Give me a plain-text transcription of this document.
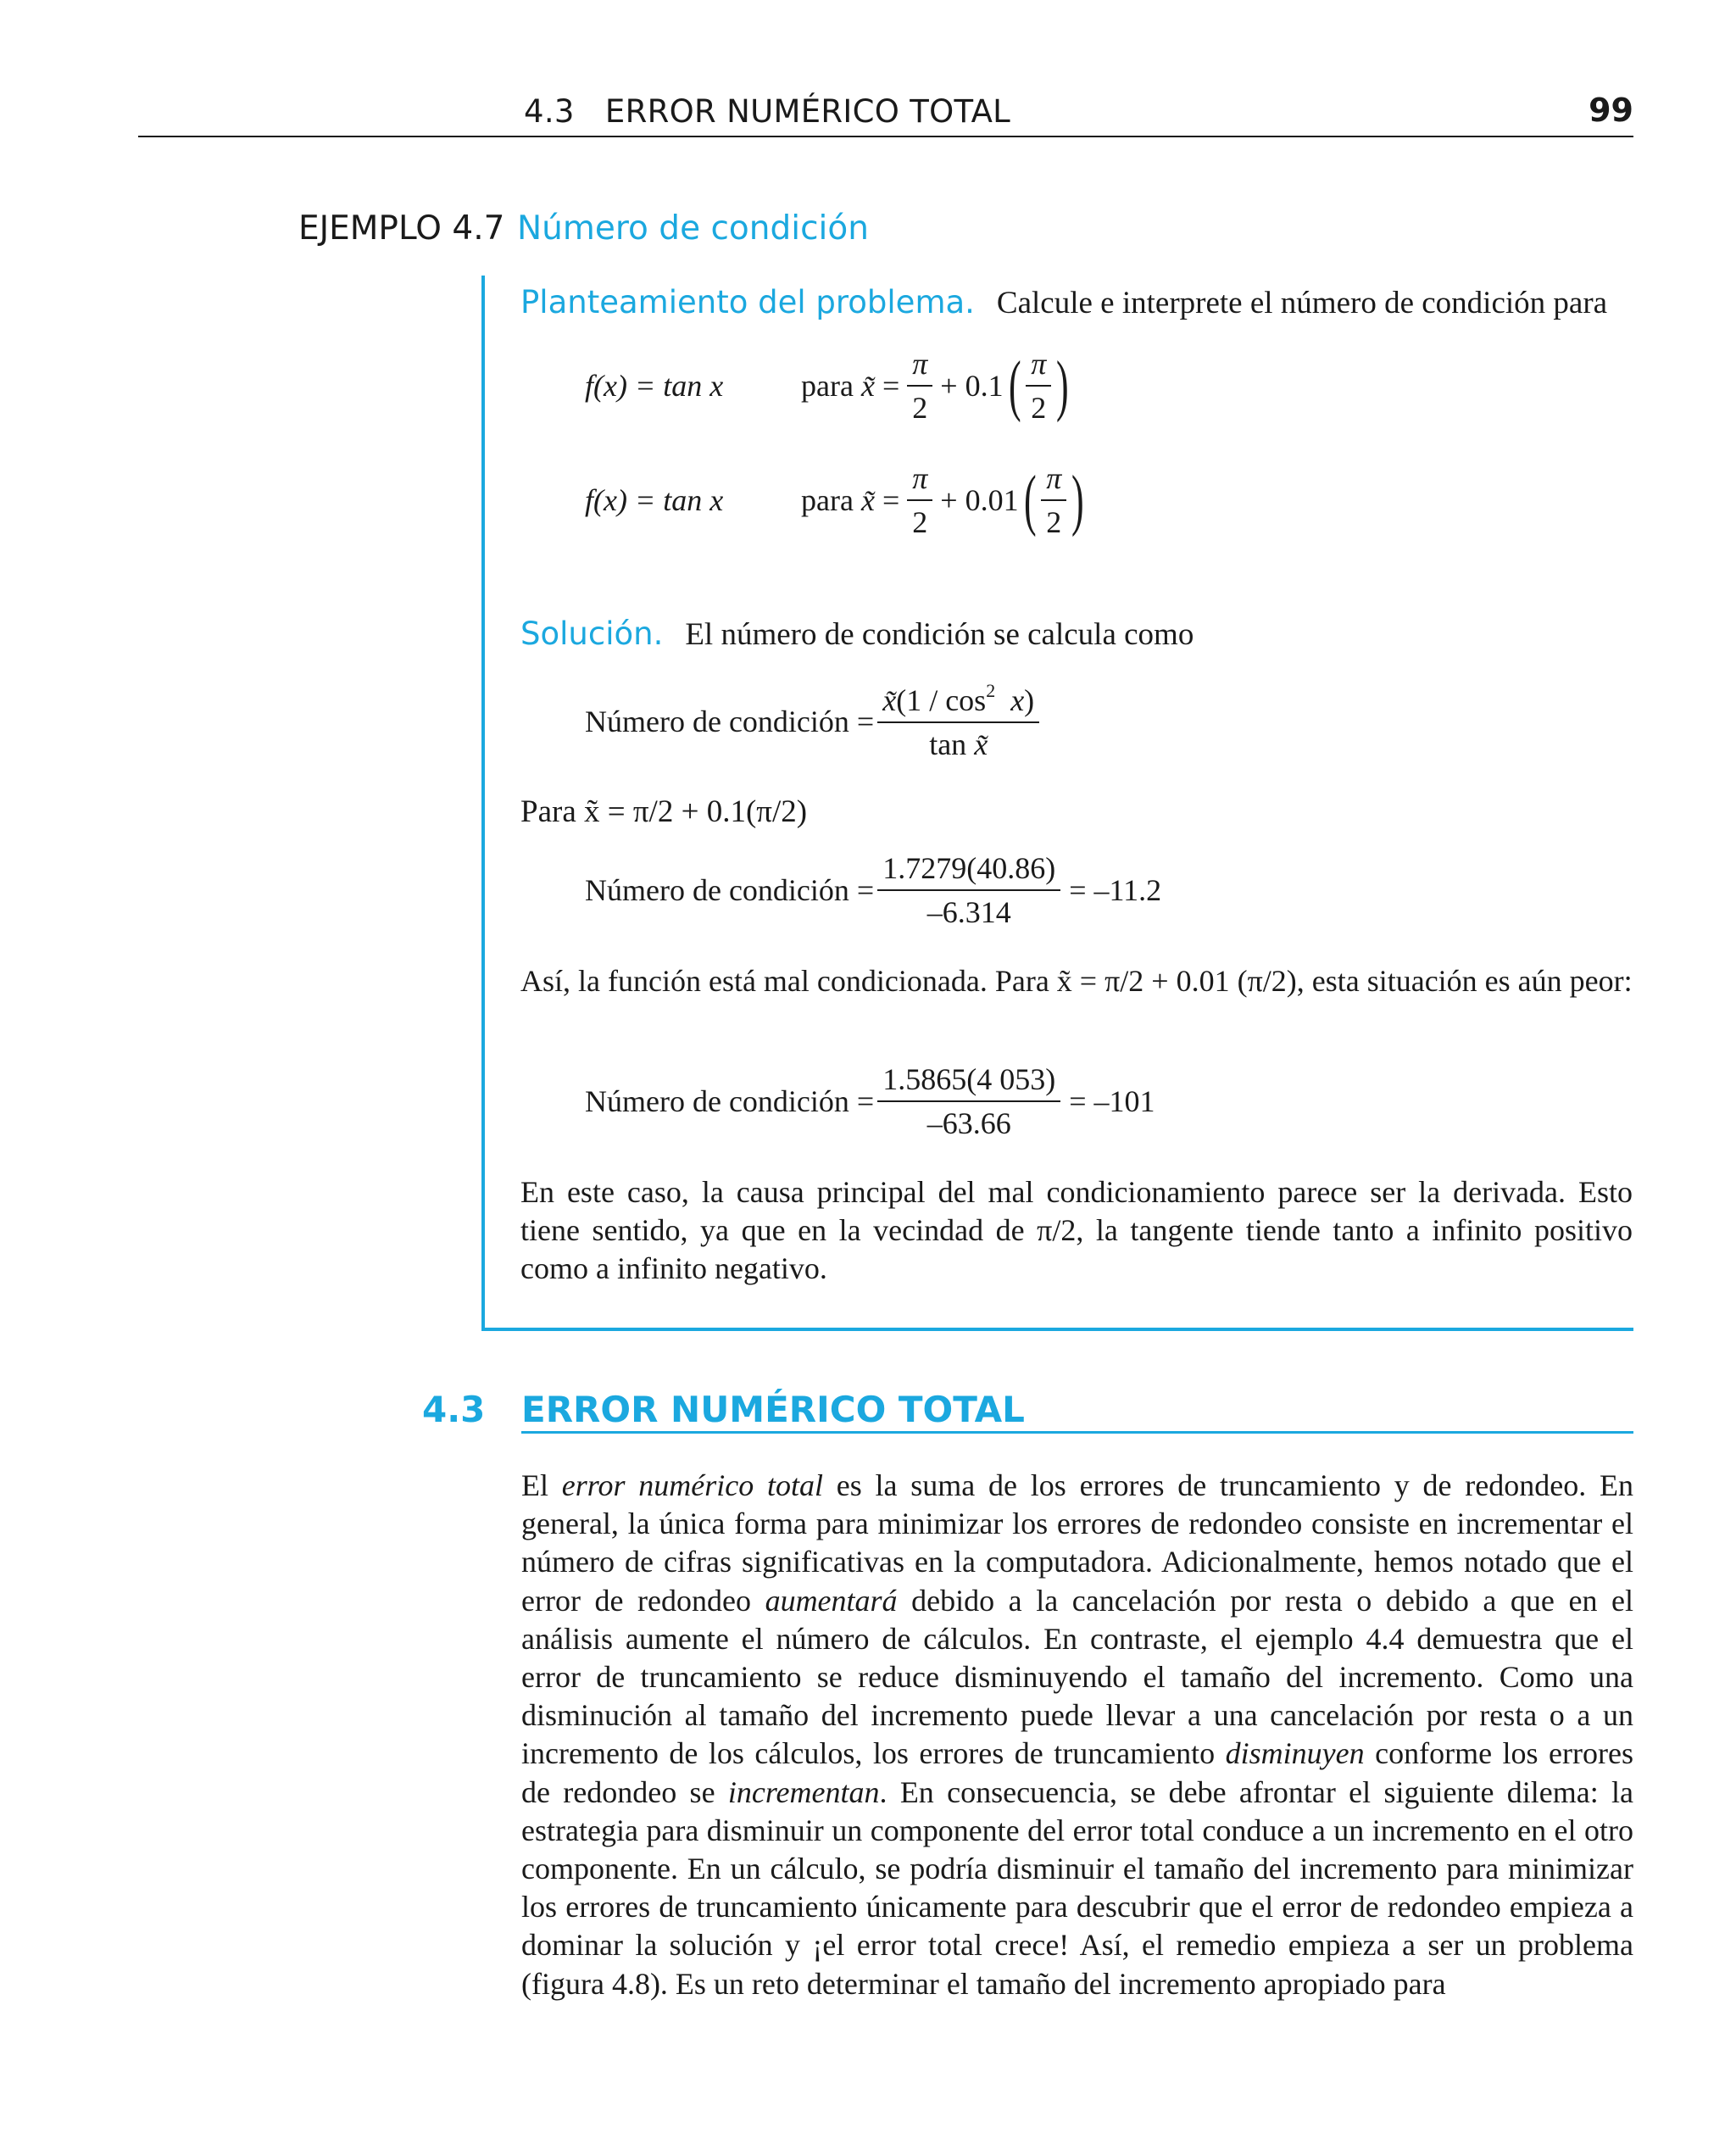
4.3   ERROR NUMÉRICO TOTAL	99
EJEMPLO 4.7 Número de condición
Planteamiento del problema. Calcule e interprete el número de condición para
f(x) = tan x	para x̃ = $\frac{\pi}{2} + 0.1$ ( $\frac{\pi}{2}$ )
f(x) = tan x	para x̃ = $\frac{\pi}{2} + 0.01$ ( $\frac{\pi}{2}$ )
Solución. El número de condición se calcula como
Número de condición = $\frac{x̃(1 / \cos^2 x)}{\text{tan x̃}}$
Para x̃ = π/2 + 0.1(π/2)
Número de condición = $\frac{1.7279(40.86)}{-6.314} = -11.2$
Así, la función está mal condicionada. Para x̃ = π/2 + 0.01 (π/2), esta situación es aún peor:
Número de condición = $\frac{1.5865(4 053)}{-63.66} = -101$
En este caso, la causa principal del mal condicionamiento parece ser la derivada. Esto tiene sentido, ya que en la vecindad de π/2, la tangente tiende tanto a infinito positivo como a infinito negativo.
4.3 ERROR NUMÉRICO TOTAL
El error numérico total es la suma de los errores de truncamiento y de redondeo. En general, la única forma para minimizar los errores de redondeo consiste en incrementar el número de cifras significativas en la computadora. Adicionalmente, hemos notado que el error de redondeo aumentará debido a la cancelación por resta o debido a que en el análisis aumente el número de cálculos. En contraste, el ejemplo 4.4 demuestra que el error de truncamiento se reduce disminuyendo el tamaño del incremento. Como una disminución al tamaño del incremento puede llevar a una cancelación por resta o a un incremento de los cálculos, los errores de truncamiento disminuyen conforme los errores de redondeo se incrementan. En consecuencia, se debe afrontar el siguiente dilema: la estrategia para disminuir un componente del error total conduce a un incremento en el otro componente. En un cálculo, se podría disminuir el tamaño del incremento para minimizar los errores de truncamiento únicamente para descubrir que el error de redondeo empieza a dominar la solución y ¡el error total crece! Así, el remedio empieza a ser un problema (figura 4.8). Es un reto determinar el tamaño del incremento apropiado para
